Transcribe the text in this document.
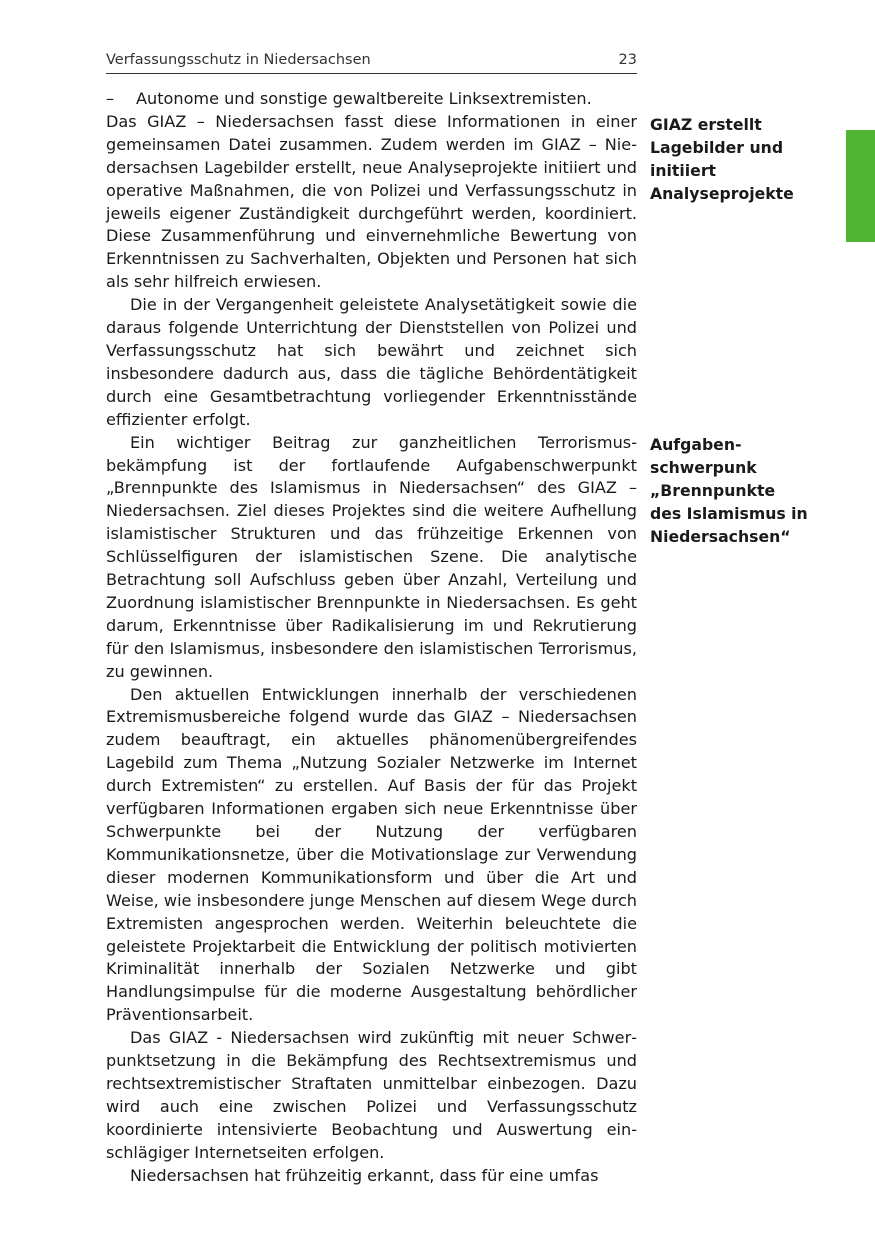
Verfassungsschutz in Niedersachsen	23
–	Autonome und sonstige gewaltbereite Linksextremisten.

Das GIAZ – Niedersachsen fasst diese Informationen in einer gemeinsamen Datei zusammen. Zudem werden im GIAZ – Niedersachsen Lagebilder erstellt, neue Analyseprojekte initiiert und operative Maßnahmen, die von Polizei und Verfassungsschutz in jeweils eigener Zuständigkeit durchgeführt werden, koordiniert. Diese Zusammenführung und einvernehmliche Bewertung von Erkenntnissen zu Sachverhalten, Objekten und Personen hat sich als sehr hilfreich erwiesen.

Die in der Vergangenheit geleistete Analysetätigkeit sowie die daraus folgende Unterrichtung der Dienststellen von Polizei und Verfassungsschutz hat sich bewährt und zeichnet sich insbesondere dadurch aus, dass die tägliche Behördentätigkeit durch eine Gesamtbetrachtung vorliegender Erkenntnisstände effizienter erfolgt.

Ein wichtiger Beitrag zur ganzheitlichen Terrorismusbekämpfung ist der fortlaufende Aufgabenschwerpunkt „Brennpunkte des Islamismus in Niedersachsen“ des GIAZ – Niedersachsen. Ziel dieses Projektes sind die weitere Aufhellung islamistischer Strukturen und das frühzeitige Erkennen von Schlüsselfiguren der islamistischen Szene. Die analytische Betrachtung soll Aufschluss geben über Anzahl, Verteilung und Zuordnung islamistischer Brennpunkte in Niedersachsen. Es geht darum, Erkenntnisse über Radikalisierung im und Rekrutierung für den Islamismus, insbesondere den islamistischen Terrorismus, zu gewinnen.

Den aktuellen Entwicklungen innerhalb der verschiedenen Extremismusbereiche folgend wurde das GIAZ – Niedersachsen zudem beauftragt, ein aktuelles phänomenübergreifendes Lagebild zum Thema „Nutzung Sozialer Netzwerke im Internet durch Extremisten“ zu erstellen. Auf Basis der für das Projekt verfügbaren Informationen ergaben sich neue Erkenntnisse über Schwerpunkte bei der Nutzung der verfügbaren Kommunikationsnetze, über die Motivationslage zur Verwendung dieser modernen Kommunikationsform und über die Art und Weise, wie insbesondere junge Menschen auf diesem Wege durch Extremisten angesprochen werden. Weiterhin beleuchtete die geleistete Projektarbeit die Entwicklung der politisch motivierten Kriminalität innerhalb der Sozialen Netzwerke und gibt Handlungsimpulse für die moderne Ausgestaltung behördlicher Präventionsarbeit.

Das GIAZ - Niedersachsen wird zukünftig mit neuer Schwerpunktsetzung in die Bekämpfung des Rechtsextremismus und rechtsextremistischer Straftaten unmittelbar einbezogen. Dazu wird auch eine zwischen Polizei und Verfassungsschutz koordinierte intensivierte Beobachtung und Auswertung einschlägiger Internetseiten erfolgen.

Niedersachsen hat frühzeitig erkannt, dass für eine umfas

GIAZ erstellt Lagebilder und initiiert Analyseprojekte
Aufgabenschwerpunk „Brennpunkte des Islamismus in Niedersachsen“
